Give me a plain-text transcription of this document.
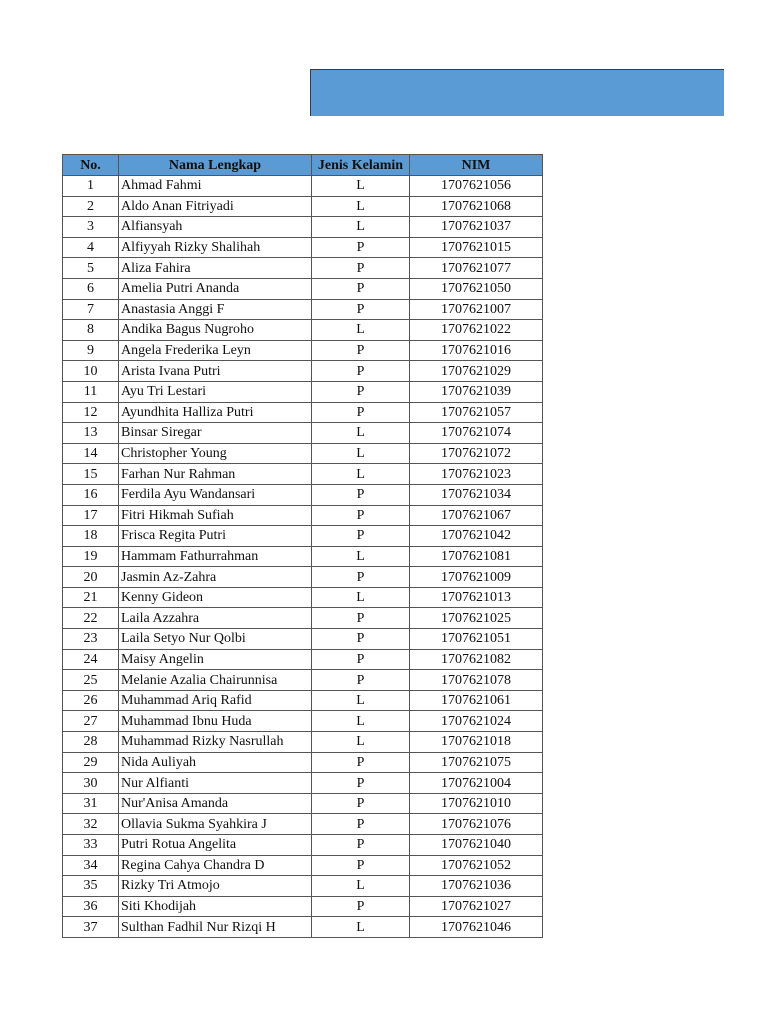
No.	Nama Lengkap	Jenis Kelamin	NIM
1	Ahmad Fahmi	L	1707621056
2	Aldo Anan Fitriyadi	L	1707621068
3	Alfiansyah	L	1707621037
4	Alfiyyah Rizky Shalihah	P	1707621015
5	Aliza Fahira	P	1707621077
6	Amelia Putri Ananda	P	1707621050
7	Anastasia Anggi F	P	1707621007
8	Andika Bagus Nugroho	L	1707621022
9	Angela Frederika Leyn	P	1707621016
10	Arista Ivana Putri	P	1707621029
11	Ayu Tri Lestari	P	1707621039
12	Ayundhita Halliza Putri	P	1707621057
13	Binsar Siregar	L	1707621074
14	Christopher Young	L	1707621072
15	Farhan Nur Rahman	L	1707621023
16	Ferdila Ayu Wandansari	P	1707621034
17	Fitri Hikmah Sufiah	P	1707621067
18	Frisca Regita Putri	P	1707621042
19	Hammam Fathurrahman	L	1707621081
20	Jasmin Az-Zahra	P	1707621009
21	Kenny Gideon	L	1707621013
22	Laila Azzahra	P	1707621025
23	Laila Setyo Nur Qolbi	P	1707621051
24	Maisy Angelin	P	1707621082
25	Melanie Azalia Chairunnisa	P	1707621078
26	Muhammad Ariq Rafid	L	1707621061
27	Muhammad Ibnu Huda	L	1707621024
28	Muhammad Rizky Nasrullah	L	1707621018
29	Nida Auliyah	P	1707621075
30	Nur Alfianti	P	1707621004
31	Nur'Anisa Amanda	P	1707621010
32	Ollavia Sukma Syahkira J	P	1707621076
33	Putri Rotua Angelita	P	1707621040
34	Regina Cahya Chandra D	P	1707621052
35	Rizky Tri Atmojo	L	1707621036
36	Siti Khodijah	P	1707621027
37	Sulthan Fadhil Nur Rizqi H	L	1707621046
